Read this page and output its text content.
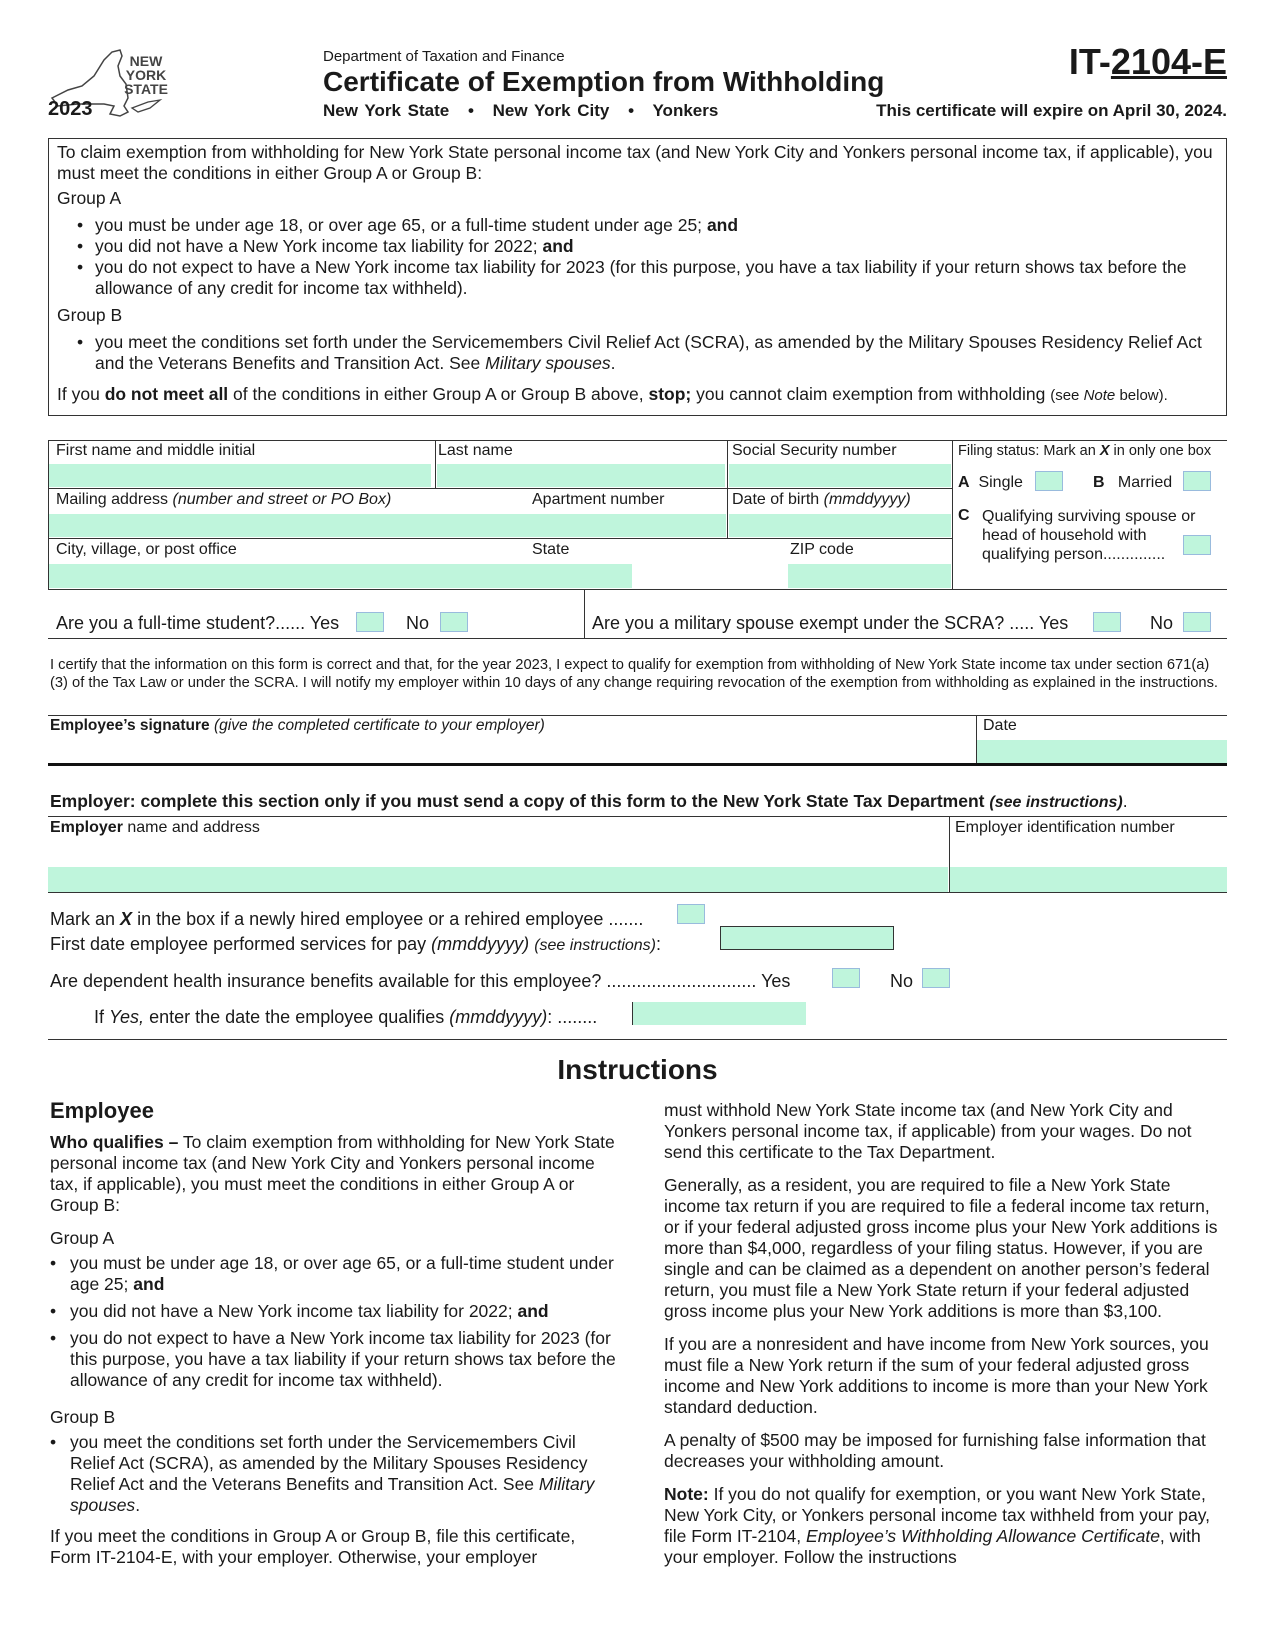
NEW
YORK
STATE
2023
Department of Taxation and Finance
Certificate of Exemption from Withholding
New York State • New York City • Yonkers
IT-2104-E
This certificate will expire on April 30, 2024.

To claim exemption from withholding for New York State personal income tax (and New York City and Yonkers personal income tax, if applicable), you must meet the conditions in either Group A or Group B:

Group A

• you must be under age 18, or over age 65, or a full-time student under age 25; and
• you did not have a New York income tax liability for 2022; and
• you do not expect to have a New York income tax liability for 2023 (for this purpose, you have a tax liability if your return shows tax before the allowance of any credit for income tax withheld).

Group B

• you meet the conditions set forth under the Servicemembers Civil Relief Act (SCRA), as amended by the Military Spouses Residency Relief Act and the Veterans Benefits and Transition Act. See Military spouses.

If you do not meet all of the conditions in either Group A or Group B above, stop; you cannot claim exemption from withholding (see Note below).

First name and middle initial	Last name	Social Security number
Mailing address (number and street or PO Box)	Apartment number	Date of birth (mmddyyyy)
City, village, or post office	State	ZIP code
Filing status: Mark an X in only one box
A Single	B Married
C Qualifying surviving spouse or
head of household with
qualifying person..............
Are you a full-time student?...... Yes	No	Are you a military spouse exempt under the SCRA? ..... Yes	No
I certify that the information on this form is correct and that, for the year 2023, I expect to qualify for exemption from withholding of New York State income tax under section 671(a)(3) of the Tax Law or under the SCRA. I will notify my employer within 10 days of any change requiring revocation of the exemption from withholding as explained in the instructions.
Employee’s signature (give the completed certificate to your employer)	Date
Employer: complete this section only if you must send a copy of this form to the New York State Tax Department (see instructions).
Employer name and address	Employer identification number
Mark an X in the box if a newly hired employee or a rehired employee .......
First date employee performed services for pay (mmddyyyy) (see instructions):
Are dependent health insurance benefits available for this employee? .............................. Yes	No
If Yes, enter the date the employee qualifies (mmddyyyy): ........
Instructions
Employee

Who qualifies – To claim exemption from withholding for New York State personal income tax (and New York City and Yonkers personal income tax, if applicable), you must meet the conditions in either Group A or Group B:

Group A

• you must be under age 18, or over age 65, or a full-time student under age 25; and
• you did not have a New York income tax liability for 2022; and
• you do not expect to have a New York income tax liability for 2023 (for this purpose, you have a tax liability if your return shows tax before the allowance of any credit for income tax withheld).

Group B

• you meet the conditions set forth under the Servicemembers Civil Relief Act (SCRA), as amended by the Military Spouses Residency Relief Act and the Veterans Benefits and Transition Act. See Military spouses.

If you meet the conditions in Group A or Group B, file this certificate, Form IT-2104-E, with your employer. Otherwise, your employer

must withhold New York State income tax (and New York City and Yonkers personal income tax, if applicable) from your wages. Do not send this certificate to the Tax Department.

Generally, as a resident, you are required to file a New York State income tax return if you are required to file a federal income tax return, or if your federal adjusted gross income plus your New York additions is more than $4,000, regardless of your filing status. However, if you are single and can be claimed as a dependent on another person’s federal return, you must file a New York State return if your federal adjusted gross income plus your New York additions is more than $3,100.

If you are a nonresident and have income from New York sources, you must file a New York return if the sum of your federal adjusted gross income and New York additions to income is more than your New York standard deduction.

A penalty of $500 may be imposed for furnishing false information that decreases your withholding amount.

Note: If you do not qualify for exemption, or you want New York State, New York City, or Yonkers personal income tax withheld from your pay, file Form IT-2104, Employee’s Withholding Allowance Certificate, with your employer. Follow the instructions
